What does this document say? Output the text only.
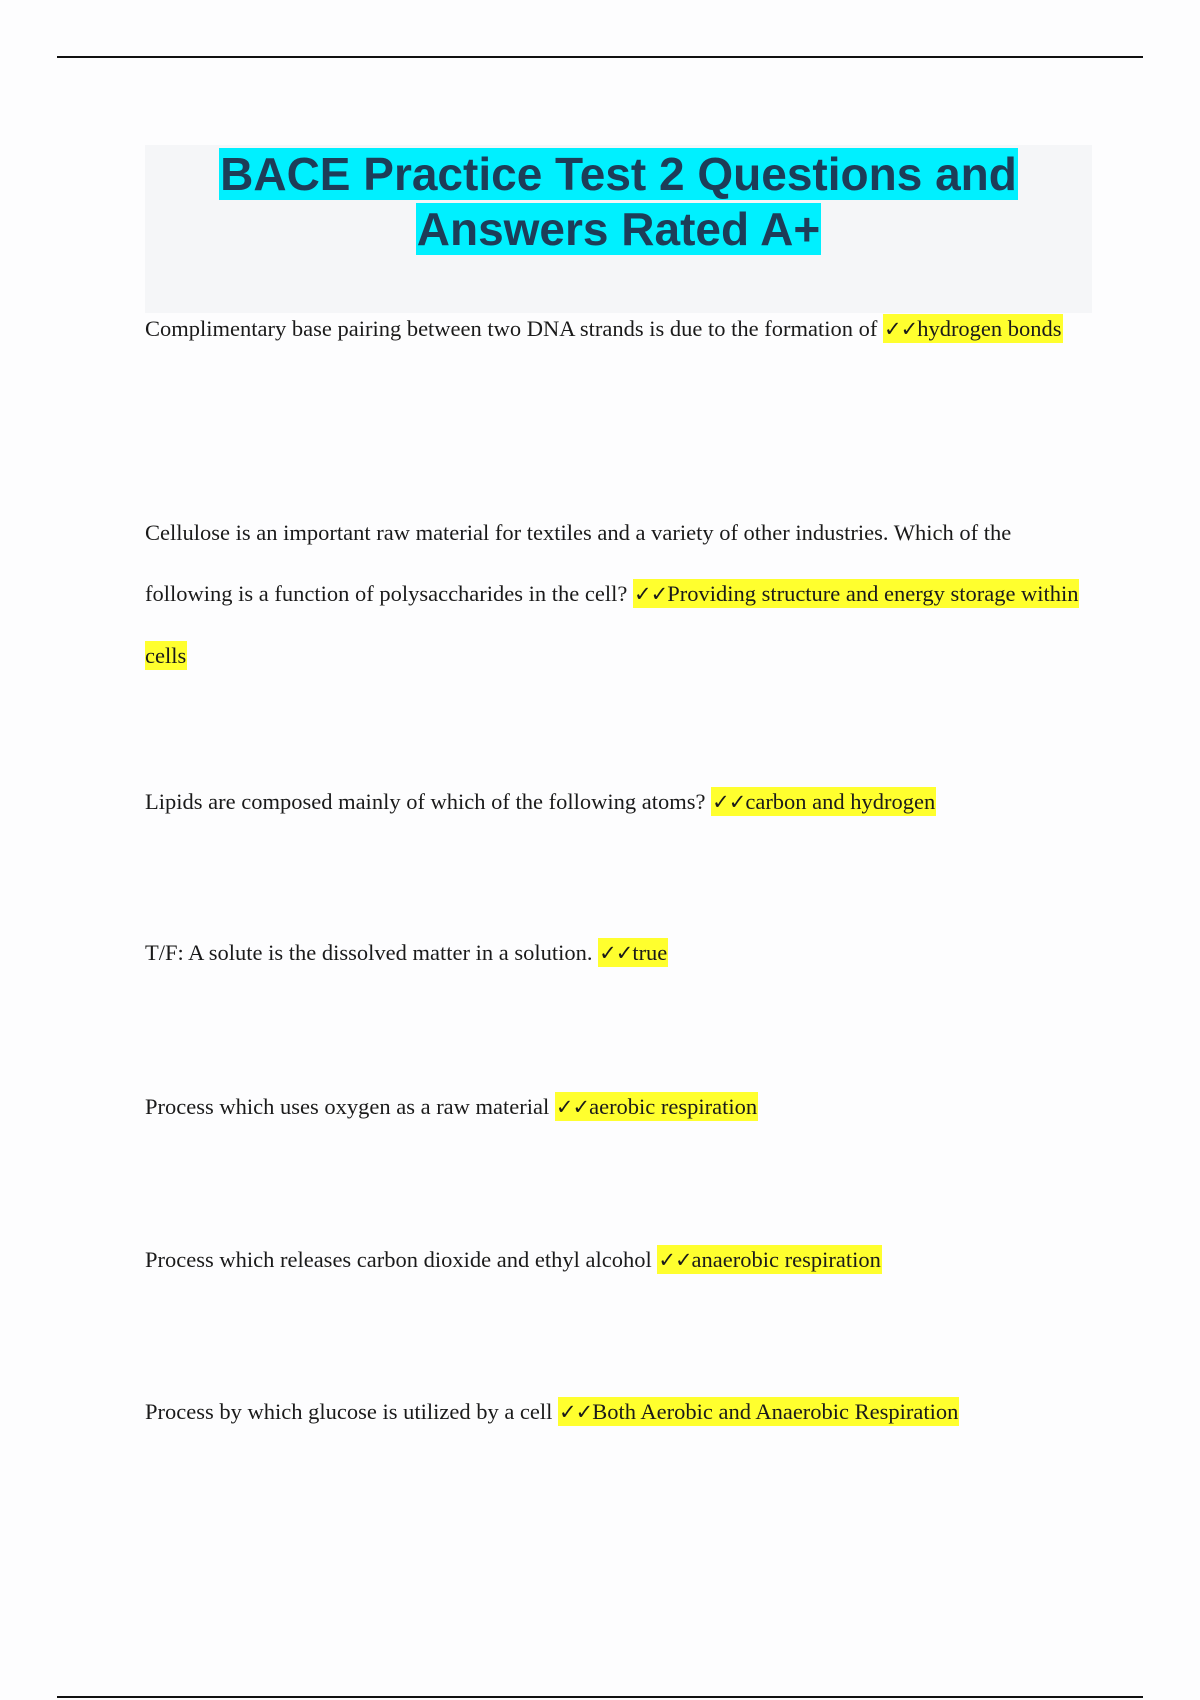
BACE Practice Test 2 Questions and
Answers Rated A+

Complimentary base pairing between two DNA strands is due to the formation of ✓✓hydrogen bonds

Cellulose is an important raw material for textiles and a variety of other industries. Which of the following is a function of polysaccharides in the cell? ✓✓Providing structure and energy storage within cells

Lipids are composed mainly of which of the following atoms? ✓✓carbon and hydrogen

T/F: A solute is the dissolved matter in a solution. ✓✓true

Process which uses oxygen as a raw material ✓✓aerobic respiration

Process which releases carbon dioxide and ethyl alcohol ✓✓anaerobic respiration

Process by which glucose is utilized by a cell ✓✓Both Aerobic and Anaerobic Respiration
